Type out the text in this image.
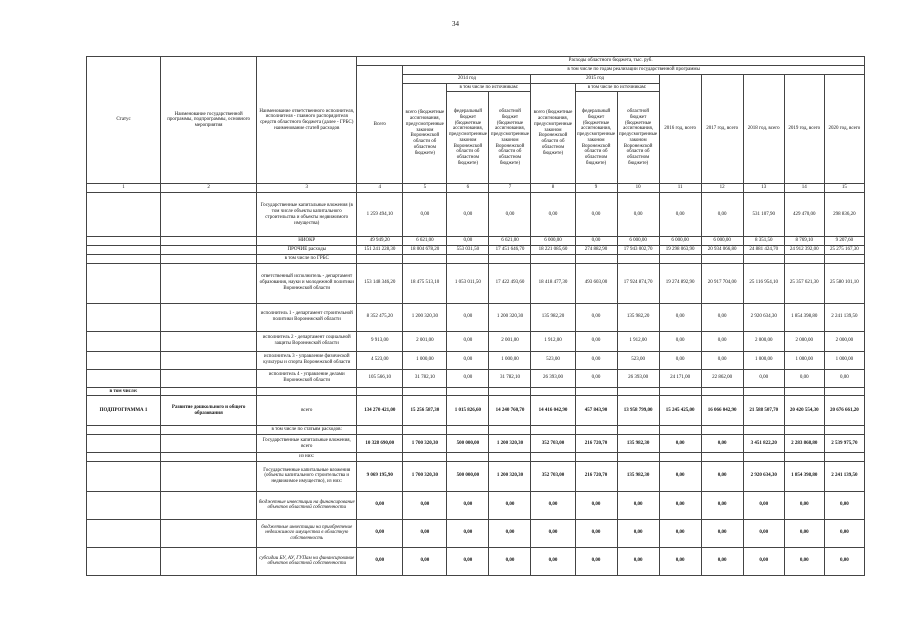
34
Статус	Наименование государственной программы, подпрограммы, основного мероприятия	Наименование ответственного исполнителя, исполнителя - главного распорядителя средств областного бюджета (далее - ГРБС) наименование статей расходов	Расходы областного бюджета, тыс. руб.											
			Всего	в том числе по годам реализации государственной программы										
				2014 год			2015 год			2016 год, всего	2017 год, всего	2018 год, всего	2019 год, всего	2020 год, всего
				всего (бюджетные ассигнования, предусмотренные законом Воронежской области об областном бюджете)	в том числе по источникам:		всего (бюджетные ассигнования, предусмотренные законом Воронежской области об областном бюджете)	в том числе по источникам:						
					федеральный бюджет (бюджетные ассигнования, предусмотренные законом Воронежской области об областном бюджете)	областной бюджет (бюджетные ассигнования, предусмотренные законом Воронежской области об областном бюджете)		федеральный бюджет (бюджетные ассигнования, предусмотренные законом Воронежской области об областном бюджете)	областной бюджет (бюджетные ассигнования, предусмотренные законом Воронежской области об областном бюджете)					
1	2	3	4	5	6	7	8	9	10	11	12	13	14	15
		Государственные капитальные вложения (в том числе объекты капитального строительства и объекты недвижимого имущества)	1 259 494,10	0,00	0,00	0,00	0,00	0,00	0,00	0,00	0,00	531 107,90	429 470,00	298 836,20
		НИОКР	49 949,20	6 621,00	0,00	6 621,00	6 000,00	0,00	6 000,00	6 000,00	6 000,00	8 351,50	8 769,10	9 207,60
		ПРОЧИЕ расходы	151 241 228,30	18 004 678,20	553 031,50	17 451 646,70	18 221 085,60	274 882,90	17 943 002,70	19 298 063,90	20 934 066,80	24 881 424,70	24 912 392,00	25 275 167,30
		в том числе по ГРБС												
		ответственный исполнитель - департамент образования, науки и молодежной политики Воронежской области	153 148 346,20	18 475 513,10	1 053 011,50	17 422 493,60	18 418 477,30	493 603,00	17 924 874,70	19 274 892,90	20 917 704,00	25 116 954,10	25 357 621,30	25 580 101,10
		исполнитель 1 - департамент строительной политики Воронежской области	8 352 475,20	1 200 320,30	0,00	1 200 320,30	135 982,20	0,00	135 982,20	0,00	0,00	2 920 634,30	1 854 398,80	2 241 139,50
		исполнитель 2 - департамент социальной защиты Воронежской области	9 913,00	2 001,00	0,00	2 001,00	1 912,00	0,00	1 912,00	0,00	0,00	2 000,00	2 000,00	2 000,00
		исполнитель 3 - управление физической культуры и спорта Воронежской области	4 523,00	1 000,00	0,00	1 000,00	523,00	0,00	523,00	0,00	0,00	1 000,00	1 000,00	1 000,00
		исполнитель 4 - управление делами Воронежской области	105 566,10	31 782,10	0,00	31 782,10	26 393,00	0,00	26 393,00	24 171,00	22 862,00	0,00	0,00	0,00
в том числе:														
ПОДПРОГРАММА 1	Развитие дошкольного и общего образования	всего	134 270 421,00	15 256 587,30	1 015 826,60	14 240 760,70	14 416 042,90	457 843,90	13 958 799,00	15 245 425,00	16 066 042,90	21 588 507,70	20 420 554,30	20 676 661,20
		в том числе по статьям расходов:												
		Государственные капитальные вложения, всего	10 328 690,00	1 700 320,30	500 000,00	1 200 320,30	352 703,00	216 720,70	135 982,30	0,00	0,00	3 451 822,20	2 283 868,80	2 539 975,70
		из них:												
		Государственные капитальные вложения (объекты капитального строительства и недвижимое имущество), из них:	9 069 195,90	1 700 320,30	500 000,00	1 200 320,30	352 703,00	216 720,70	135 982,30	0,00	0,00	2 920 634,30	1 854 398,80	2 241 139,50
		бюджетные инвестиции на финансирование объектов областной собственности	0,00	0,00	0,00	0,00	0,00	0,00	0,00	0,00	0,00	0,00	0,00	0,00
		бюджетные инвестиции на приобретение недвижимого имущества в областную собственность	0,00	0,00	0,00	0,00	0,00	0,00	0,00	0,00	0,00	0,00	0,00	0,00
		субсидии БУ, АУ, ГУПам на финансирование объектов областной собственности	0,00	0,00	0,00	0,00	0,00	0,00	0,00	0,00	0,00	0,00	0,00	0,00
